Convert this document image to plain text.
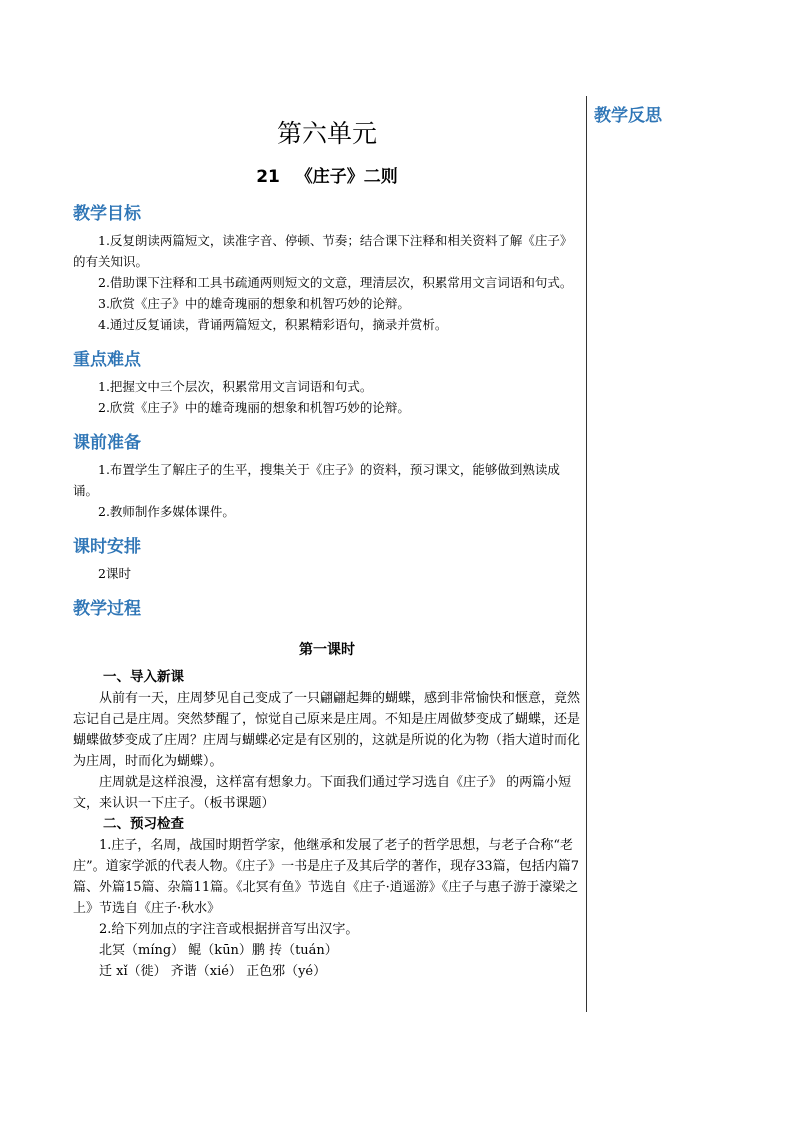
教学反思
第六单元
21 《庄子》二则
教学目标

1.反复朗读两篇短文，读准字音、停顿、节奏；结合课下注释和相关资料了解《庄子》的有关知识。

2.借助课下注释和工具书疏通两则短文的文意，理清层次，积累常用文言词语和句式。

3.欣赏《庄子》中的雄奇瑰丽的想象和机智巧妙的论辩。

4.通过反复诵读，背诵两篇短文，积累精彩语句，摘录并赏析。

重点难点

1.把握文中三个层次，积累常用文言词语和句式。

2.欣赏《庄子》中的雄奇瑰丽的想象和机智巧妙的论辩。

课前准备

1.布置学生了解庄子的生平，搜集关于《庄子》的资料，预习课文，能够做到熟读成诵。

2.教师制作多媒体课件。

课时安排

2课时

教学过程
第一课时
一、导入新课

从前有一天，庄周梦见自己变成了一只翩翩起舞的蝴蝶，感到非常愉快和惬意，竟然忘记自己是庄周。突然梦醒了，惊觉自己原来是庄周。不知是庄周做梦变成了蝴蝶，还是蝴蝶做梦变成了庄周？庄周与蝴蝶必定是有区别的，这就是所说的化为物（指大道时而化为庄周，时而化为蝴蝶）。

庄周就是这样浪漫，这样富有想象力。下面我们通过学习选自《庄子》 的两篇小短文，来认识一下庄子。（板书课题）

二、预习检查

1.庄子，名周，战国时期哲学家，他继承和发展了老子的哲学思想，与老子合称“老庄”。道家学派的代表人物。《庄子》一书是庄子及其后学的著作，现存33篇，包括内篇7篇、外篇15篇、杂篇11篇。《北冥有鱼》节选自《庄子·逍遥游》《庄子与惠子游于濠梁之上》节选自《庄子·秋水》

2.给下列加点的字注音或根据拼音写出汉字。

北冥（míng） 鲲（kūn）鹏 抟（tuán）
迁 xǐ（徙） 齐谐（xié） 正色邪（yé）
